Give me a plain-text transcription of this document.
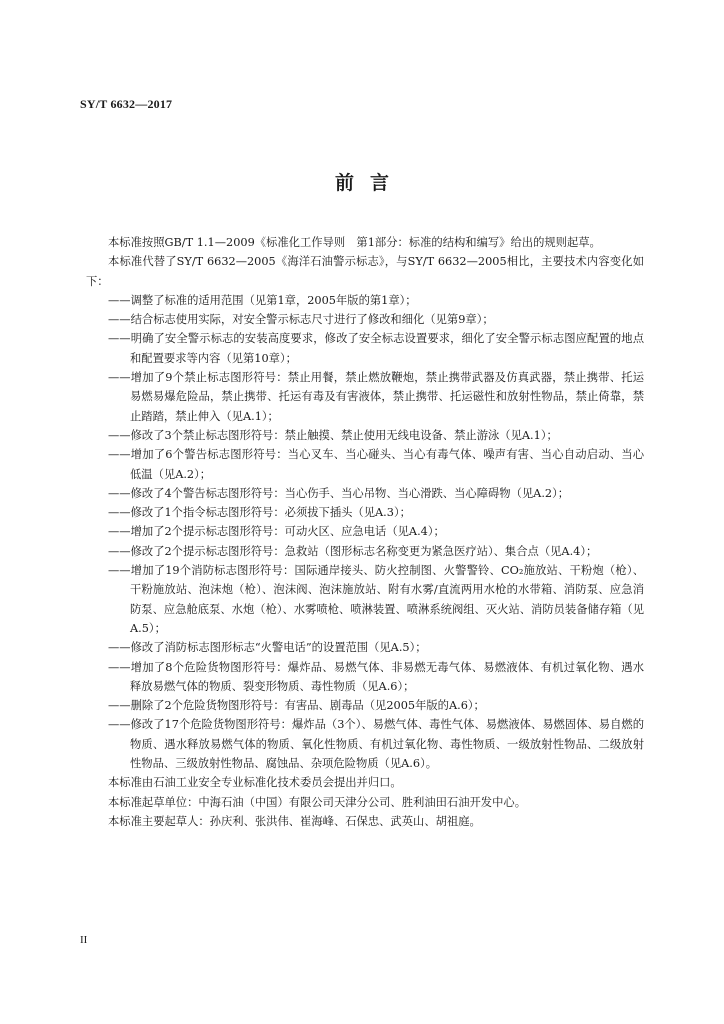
SY/T 6632—2017
前言

本标准按照GB/T 1.1—2009《标准化工作导则　第1部分：标准的结构和编写》给出的规则起草。

本标准代替了SY/T 6632—2005《海洋石油警示标志》，与SY/T 6632—2005相比，主要技术内容变化如下：

——调整了标准的适用范围（见第1章，2005年版的第1章）；

——结合标志使用实际，对安全警示标志尺寸进行了修改和细化（见第9章）；

——明确了安全警示标志的安装高度要求，修改了安全标志设置要求，细化了安全警示标志图应配置的地点和配置要求等内容（见第10章）；

——增加了9个禁止标志图形符号：禁止用餐，禁止燃放鞭炮，禁止携带武器及仿真武器，禁止携带、托运易燃易爆危险品，禁止携带、托运有毒及有害液体，禁止携带、托运磁性和放射性物品，禁止倚靠，禁止踏踏，禁止伸入（见A.1）；

——修改了3个禁止标志图形符号：禁止触摸、禁止使用无线电设备、禁止游泳（见A.1）；

——增加了6个警告标志图形符号：当心叉车、当心碰头、当心有毒气体、噪声有害、当心自动启动、当心低温（见A.2）；

——修改了4个警告标志图形符号：当心伤手、当心吊物、当心滑跌、当心障碍物（见A.2）；

——修改了1个指令标志图形符号：必须拔下插头（见A.3）；

——增加了2个提示标志图形符号：可动火区、应急电话（见A.4）；

——修改了2个提示标志图形符号：急救站（图形标志名称变更为紧急医疗站）、集合点（见A.4）；

——增加了19个消防标志图形符号：国际通岸接头、防火控制图、火警警铃、CO₂施放站、干粉炮（枪）、干粉施放站、泡沫炮（枪）、泡沫阀、泡沫施放站、附有水雾/直流两用水枪的水带箱、消防泵、应急消防泵、应急舱底泵、水炮（枪）、水雾喷枪、喷淋装置、喷淋系统阀组、灭火站、消防员装备储存箱（见A.5）；

——修改了消防标志图形标志“火警电话”的设置范围（见A.5）；

——增加了8个危险货物图形符号：爆炸品、易燃气体、非易燃无毒气体、易燃液体、有机过氧化物、遇水释放易燃气体的物质、裂变形物质、毒性物质（见A.6）；

——删除了2个危险货物图形符号：有害品、剧毒品（见2005年版的A.6）；

——修改了17个危险货物图形符号：爆炸品（3个）、易燃气体、毒性气体、易燃液体、易燃固体、易自燃的物质、遇水释放易燃气体的物质、氧化性物质、有机过氧化物、毒性物质、一级放射性物品、二级放射性物品、三级放射性物品、腐蚀品、杂项危险物质（见A.6）。

本标准由石油工业安全专业标准化技术委员会提出并归口。

本标准起草单位：中海石油（中国）有限公司天津分公司、胜利油田石油开发中心。

本标准主要起草人：孙庆利、张洪伟、崔海峰、石保忠、武英山、胡祖庭。

II
